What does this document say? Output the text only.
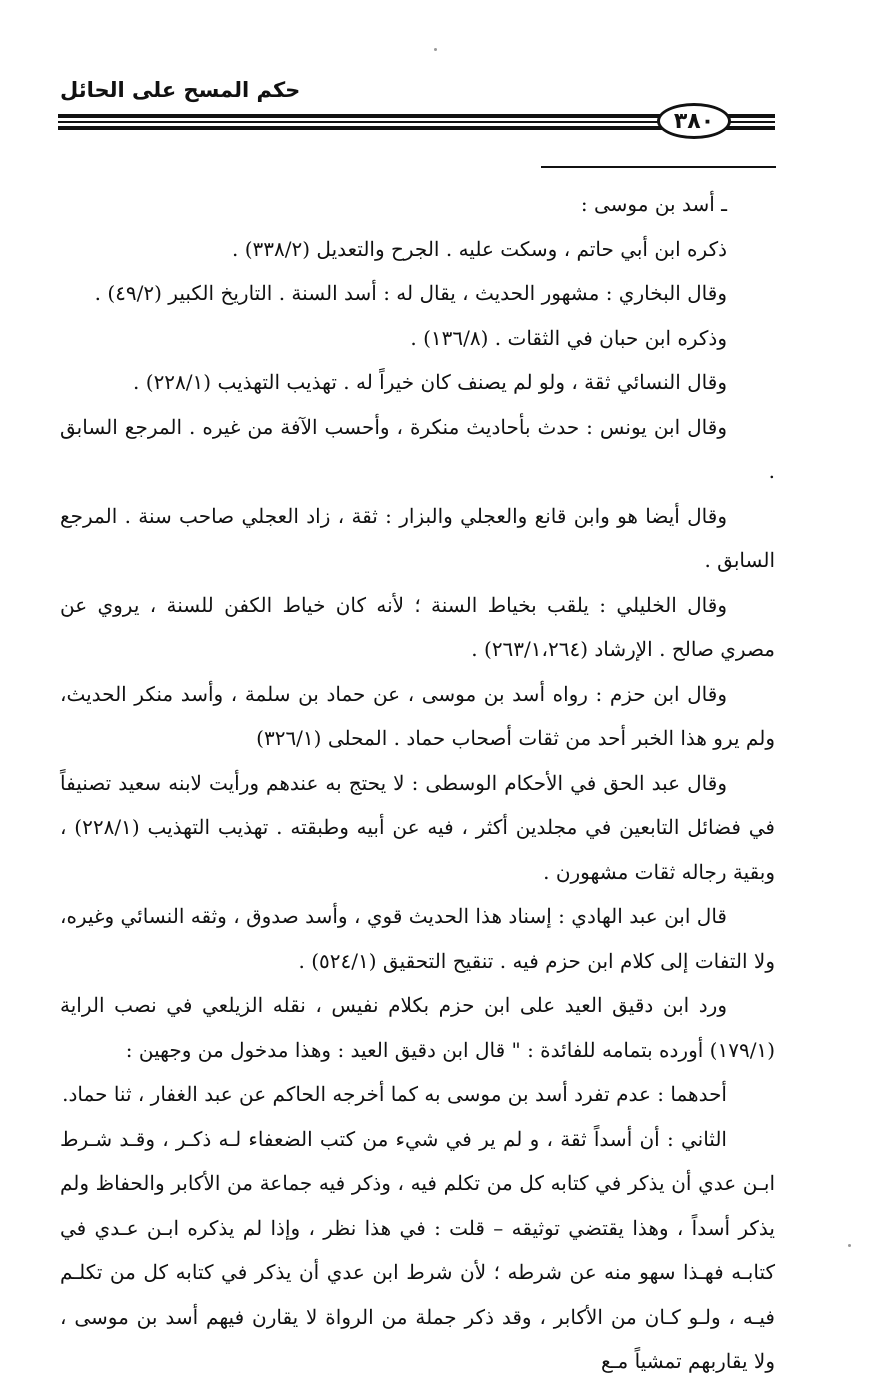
حكم المسح على الحائل
٣٨٠

ـ أسد بن موسى :

ذكره ابن أبي حاتم ، وسكت عليه . الجرح والتعديل (٣٣٨/٢) .

وقال البخاري : مشهور الحديث ، يقال له : أسد السنة . التاريخ الكبير (٤٩/٢) .

وذكره ابن حبان في الثقات . (١٣٦/٨) .

وقال النسائي ثقة ، ولو لم يصنف كان خيراً له . تهذيب التهذيب (٢٢٨/١) .

وقال ابن يونس : حدث بأحاديث منكرة ، وأحسب الآفة من غيره . المرجع السابق .

وقال أيضا هو وابن قانع والعجلي والبزار : ثقة ، زاد العجلي صاحب سنة . المرجع السابق .

وقال الخليلي : يلقب بخياط السنة ؛ لأنه كان خياط الكفن للسنة ، يروي عن مصري صالح . الإرشاد (٢٦٣/١،٢٦٤) .

وقال ابن حزم : رواه أسد بن موسى ، عن حماد بن سلمة ، وأسد منكر الحديث، ولم يرو هذا الخبر أحد من ثقات أصحاب حماد . المحلى (٣٢٦/١)

وقال عبد الحق في الأحكام الوسطى : لا يحتج به عندهم ورأيت لابنه سعيد تصنيفاً في فضائل التابعين في مجلدين أكثر ، فيه عن أبيه وطبقته . تهذيب التهذيب (٢٢٨/١) ، وبقية رجاله ثقات مشهورن .

قال ابن عبد الهادي : إسناد هذا الحديث قوي ، وأسد صدوق ، وثقه النسائي وغيره، ولا التفات إلى كلام ابن حزم فيه . تنقيح التحقيق (٥٢٤/١) .

ورد ابن دقيق العيد على ابن حزم بكلام نفيس ، نقله الزيلعي في نصب الراية (١٧٩/١) أورده بتمامه للفائدة : " قال ابن دقيق العيد : وهذا مدخول من وجهين :

أحدهما : عدم تفرد أسد بن موسى به كما أخرجه الحاكم عن عبد الغفار ، ثنا حماد.

الثاني : أن أسداً ثقة ، و لم ير في شيء من كتب الضعفاء لـه ذكـر ، وقـد شـرط ابـن عدي أن يذكر في كتابه كل من تكلم فيه ، وذكر فيه جماعة من الأكابر والحفاظ ولم يذكر أسداً ، وهذا يقتضي توثيقه – قلت : في هذا نظر ، وإذا لم يذكره ابـن عـدي في كتابـه فهـذا سهو منه عن شرطه ؛ لأن شرط ابن عدي أن يذكر في كتابه كل من تكلـم فيـه ، ولـو كـان من الأكابر ، وقد ذكر جملة من الرواة لا يقارن فيهم أسد بن موسى ، ولا يقاربهم تمشياً مـع
